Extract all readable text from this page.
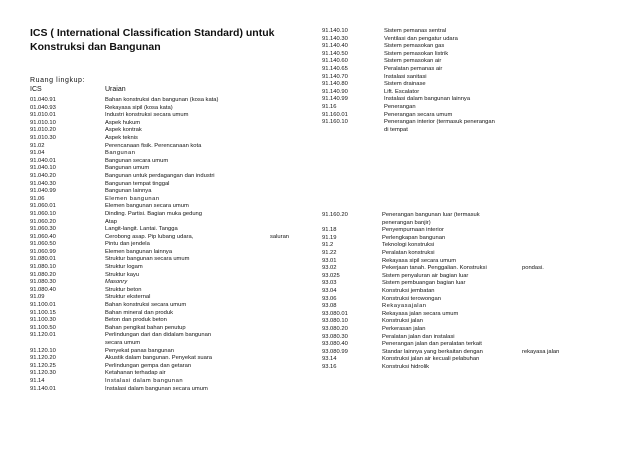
ICS ( International Classification Standard) untuk Konstruksi dan Bangunan
Ruang lingkup:
ICS	Uraian
01.040.91	Bahan konstruksi dan bangunan (kosa kata)
01.040.93	Rekayasa sipil (kosa kata)
91.010.01	Industri konstruksi secara umum
91.010.10	Aspek hukum
91.010.20	Aspek kontrak
91.010.30	Aspek teknis
91.02	Perencanaan fisik. Perencanaan kota
91.04	Bangunan
91.040.01	Bangunan secara umum
91.040.10	Bangunan umum
91.040.20	Bangunan untuk perdagangan dan industri
91.040.30	Bangunan tempat tinggal
91.040.99	Bangunan lainnya
91.06	Elemen bangunan
91.060.01	Elemen bangunan secara umum
91.060.10	Dinding. Partisi. Bagian muka gedung
91.060.20	Atap
91.060.30	Langit-langit. Lantai. Tangga
91.060.40	Cerobong asap. Pip lubang udara,	saluran
91.060.50	Pintu dan jendela
91.060.99	Elemen bangunan lainnya
91.080.01	Struktur bangunan secara umum
91.080.10	Struktur logam
91.080.20	Struktur kayu
91.080.30	Masonry
91.080.40	Struktur beton
91.09	Struktur eksternal
91.100.01	Bahan konstruksi secara umum
91.100.15	Bahan mineral dan produk
91.100.30	Beton dan produk beton
91.100.50	Bahan pengikat bahan penutup
91.120.01	Perlindungan dari dan didalam bangunan
secara umum
91.120.10	Penyekat panas bangunan
91.120.20	Akustik dalam bangunan. Penyekat suara
91.120.25	Perlindungan gempa dan getaran
91.120.30	Ketahanan terhadap air
91.14	Instalasi dalam bangunan
91.140.01	Instalasi dalam bangunan secara umum
91.140.10	Sistem pemanas sentral
91.140.30	Ventilasi dan pengatur udara
91.140.40	Sistem pemasokan gas
91.140.50	Sistem pemasokan listrik
91.140.60	Sistem pemasokan air
91.140.65	Peralatan pemanas air
91.140.70	Instalasi sanitasi
91.140.80	Sistem drainase
91.140.90	Lift. Escalator
91.140.99	Instalasi dalam bangunan lainnya
91.16	Penerangan
91.160.01	Penerangan secara umum
91.160.10	Penerangan interior (termasuk penerangan
di tempat
91.160.20	Penerangan bangunan luar (termasuk
penerangan banjir)
91.18	Penyempurnaan interior
91.19	Perlengkapan bangunan
91.2	Teknologi konstruksi
91.22	Peralatan konstruksi
93.01	Rekayasa sipil secara umum
93.02	Pekerjaan tanah. Penggalian. Konstruksi	pondasi.
93.025	Sistem penyaluran air bagian luar
93.03	Sistem pembuangan bagian luar
93.04	Konstruksi jembatan
93.06	Konstruksi terowongan
93.08	Rekayasajalan
93.080.01	Rekayasa jalan secara umum
93.080.10	Konstruksi jalan
93.080.20	Perkerasan jalan
93.080.30	Peralatan jalan dan instalasi
93.080.40	Penerangan jalan dan peralatan terkait
93.080.99	Standar lainnya yang berkaitan dengan	rekayasa jalan
93.14	Konstruksi jalan air kecuali pelabuhan
93.16	Konstruksi hidrolik
